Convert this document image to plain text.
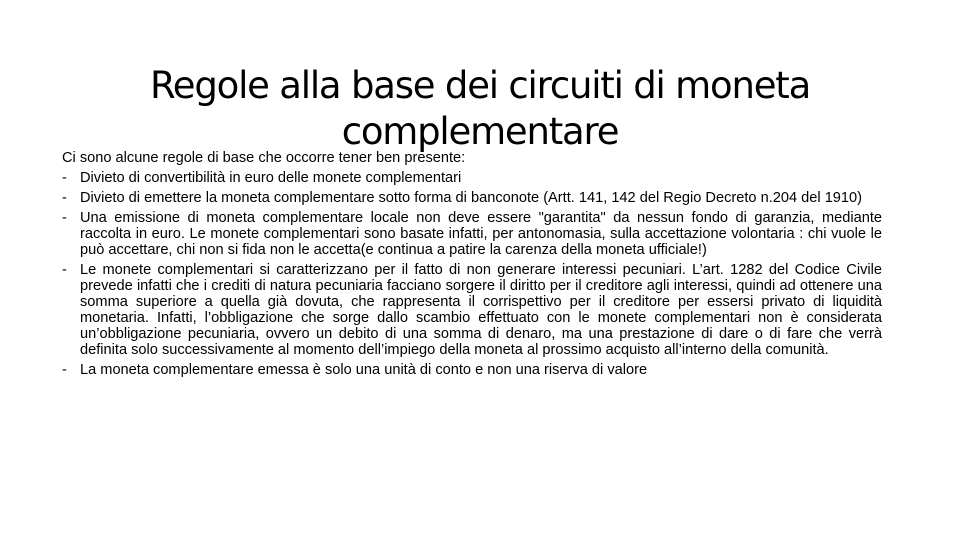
Regole alla base dei circuiti di moneta
complementare
Ci sono alcune regole di base che occorre tener ben presente:
- Divieto di convertibilità in euro delle monete complementari
- Divieto di emettere la moneta complementare sotto forma di banconote (Artt. 141, 142 del Regio Decreto n.204 del 1910)
- Una emissione di moneta complementare locale non deve essere "garantita" da nessun fondo di garanzia, mediante raccolta in euro. Le monete complementari sono basate infatti, per antonomasia, sulla accettazione volontaria : chi vuole le può accettare, chi non si fida non le accetta(e continua a patire la carenza della moneta ufficiale!)
- Le monete complementari si caratterizzano per il fatto di non generare interessi pecuniari. L’art. 1282 del Codice Civile prevede infatti che i crediti di natura pecuniaria facciano sorgere il diritto per il creditore agli interessi, quindi ad ottenere una somma superiore a quella già dovuta, che rappresenta il corrispettivo per il creditore per essersi privato di liquidità monetaria. Infatti, l’obbligazione che sorge dallo scambio effettuato con le monete complementari non è considerata un’obbligazione pecuniaria, ovvero un debito di una somma di denaro, ma una prestazione di dare o di fare che verrà definita solo successivamente al momento dell’impiego della moneta al prossimo acquisto all’interno della comunità.
- La moneta complementare emessa è solo una unità di conto e non una riserva di valore
